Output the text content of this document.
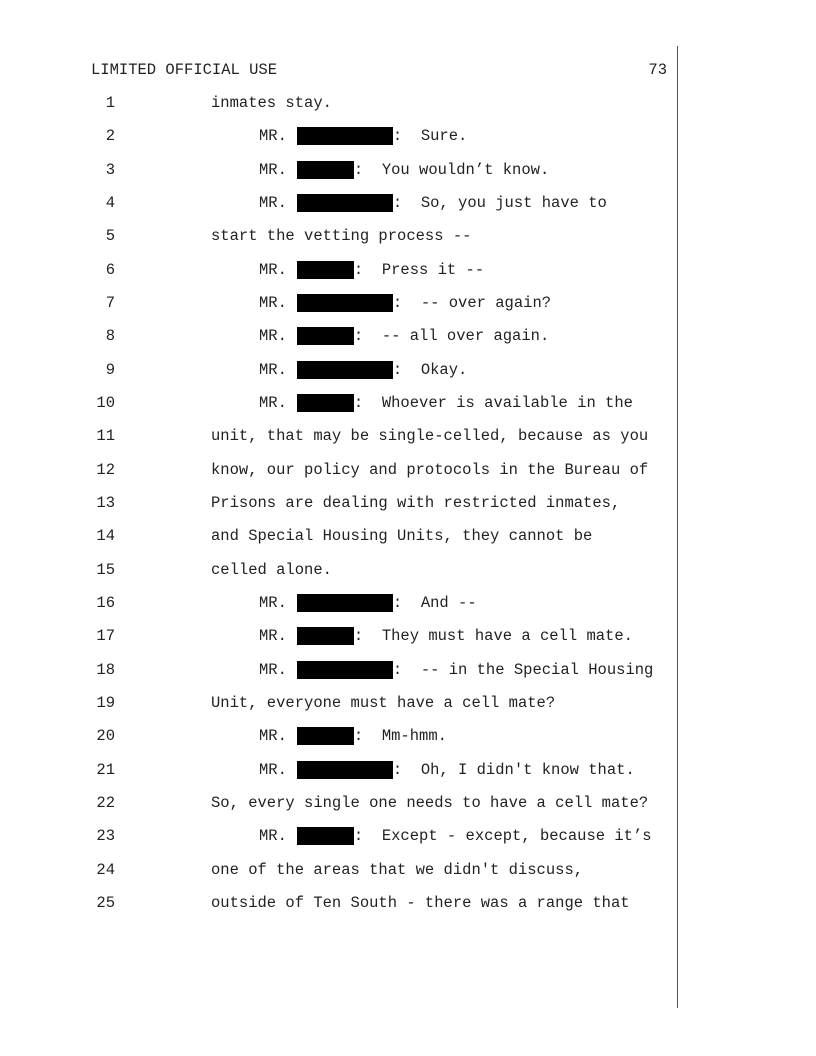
LIMITED OFFICIAL USE	73
1	inmates stay.
2	MR.	: Sure.
3	MR.	: You wouldn’t know.
4	MR.	: So, you just have to
5	start the vetting process --
6	MR.	: Press it --
7	MR.	: -- over again?
8	MR.	: -- all over again.
9	MR.	: Okay.
10	MR.	: Whoever is available in the
11	unit, that may be single-celled, because as you
12	know, our policy and protocols in the Bureau of
13	Prisons are dealing with restricted inmates,
14	and Special Housing Units, they cannot be
15	celled alone.
16	MR.	: And --
17	MR.	: They must have a cell mate.
18	MR.	: -- in the Special Housing
19	Unit, everyone must have a cell mate?
20	MR.	: Mm-hmm.
21	MR.	: Oh, I didn't know that.
22	So, every single one needs to have a cell mate?
23	MR.	: Except - except, because it’s
24	one of the areas that we didn't discuss,
25	outside of Ten South - there was a range that
